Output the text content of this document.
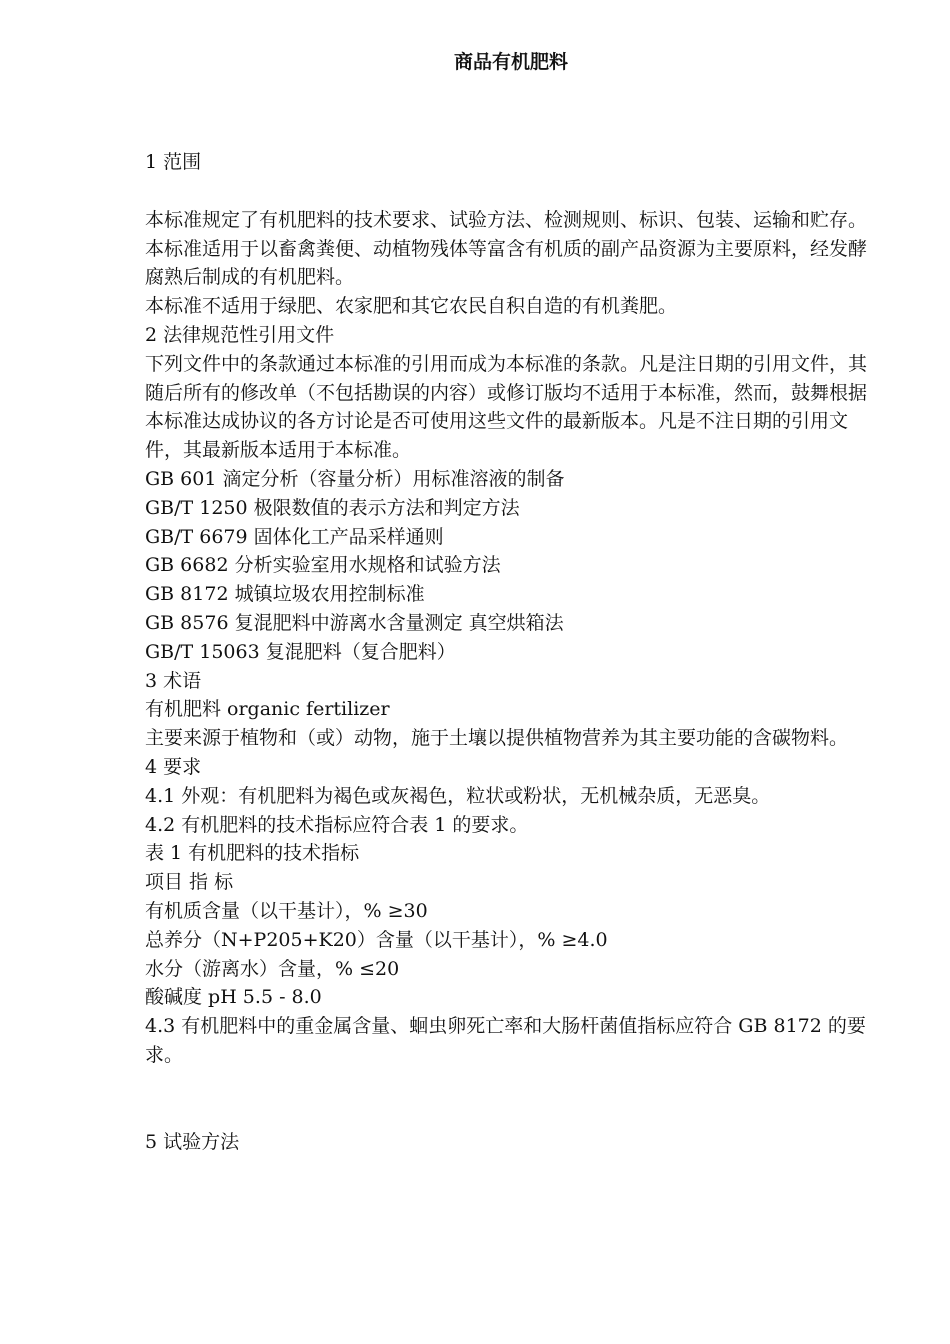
商品有机肥料

1 范围

本标准规定了有机肥料的技术要求、试验方法、检测规则、标识、包装、运输和贮存。

本标准适用于以畜禽粪便、动植物残体等富含有机质的副产品资源为主要原料，经发酵腐熟后制成的有机肥料。

本标准不适用于绿肥、农家肥和其它农民自积自造的有机粪肥。

2 法律规范性引用文件

下列文件中的条款通过本标准的引用而成为本标准的条款。凡是注日期的引用文件，其随后所有的修改单（不包括勘误的内容）或修订版均不适用于本标准，然而，鼓舞根据本标准达成协议的各方讨论是否可使用这些文件的最新版本。凡是不注日期的引用文件，其最新版本适用于本标准。

GB 601 滴定分析（容量分析）用标准溶液的制备

GB/T 1250 极限数值的表示方法和判定方法

GB/T 6679 固体化工产品采样通则

GB 6682 分析实验室用水规格和试验方法

GB 8172 城镇垃圾农用控制标准

GB 8576 复混肥料中游离水含量测定 真空烘箱法

GB/T 15063 复混肥料（复合肥料）

3 术语

有机肥料 organic fertilizer

主要来源于植物和（或）动物，施于土壤以提供植物营养为其主要功能的含碳物料。

4 要求

4.1 外观：有机肥料为褐色或灰褐色，粒状或粉状，无机械杂质，无恶臭。

4.2 有机肥料的技术指标应符合表 1 的要求。

表 1 有机肥料的技术指标

项目 指 标

有机质含量（以干基计），% ≥30

总养分（N+P205+K20）含量（以干基计），% ≥4.0

水分（游离水）含量，% ≤20

酸碱度 pH 5.5 - 8.0

4.3 有机肥料中的重金属含量、蛔虫卵死亡率和大肠杆菌值指标应符合 GB 8172 的要求。

5 试验方法
